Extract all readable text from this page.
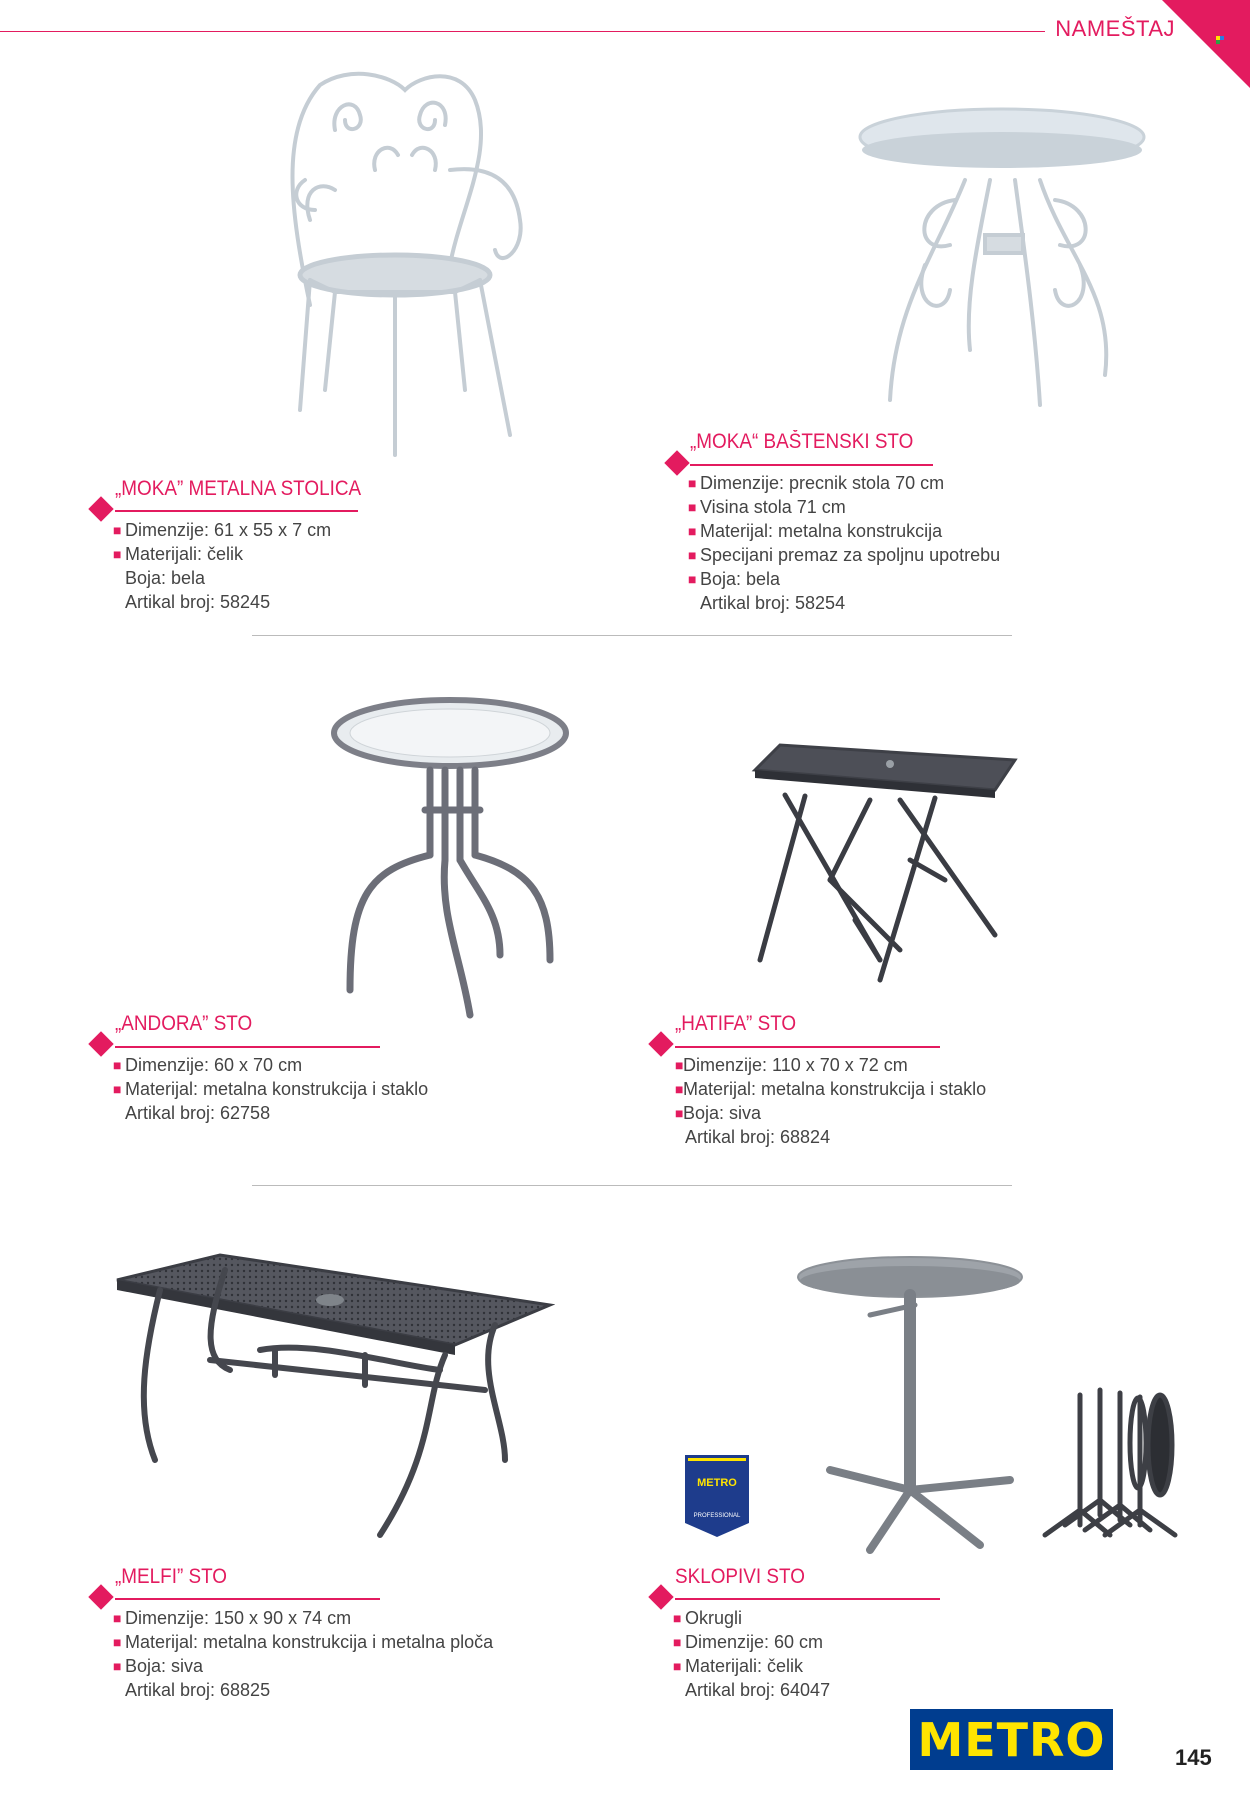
NAMEŠTAJ
METRO
PROFESSIONAL
„MOKA” METALNA STOLICA
■ Dimenzije: 61 x 55 x 7 cm
■ Materijali: čelik
Boja: bela
Artikal broj: 58245
„MOKA“ BAŠTENSKI STO
■ Dimenzije: precnik stola 70 cm
■ Visina stola 71 cm
■ Materijal: metalna konstrukcija
■ Specijani premaz za spoljnu upotrebu
■ Boja: bela
Artikal broj: 58254
„ANDORA” STO
■ Dimenzije: 60 x 70 cm
■ Materijal: metalna konstrukcija i staklo
Artikal broj: 62758
„HATIFA” STO
■ Dimenzije: 110 x 70 x 72 cm
■ Materijal: metalna konstrukcija i staklo
■ Boja: siva
Artikal broj: 68824
„MELFI” STO
■ Dimenzije: 150 x 90 x 74 cm
■ Materijal: metalna konstrukcija i metalna ploča
■ Boja: siva
Artikal broj: 68825
SKLOPIVI STO
■ Okrugli
■ Dimenzije: 60 cm
■ Materijali: čelik
Artikal broj: 64047
METRO	145
